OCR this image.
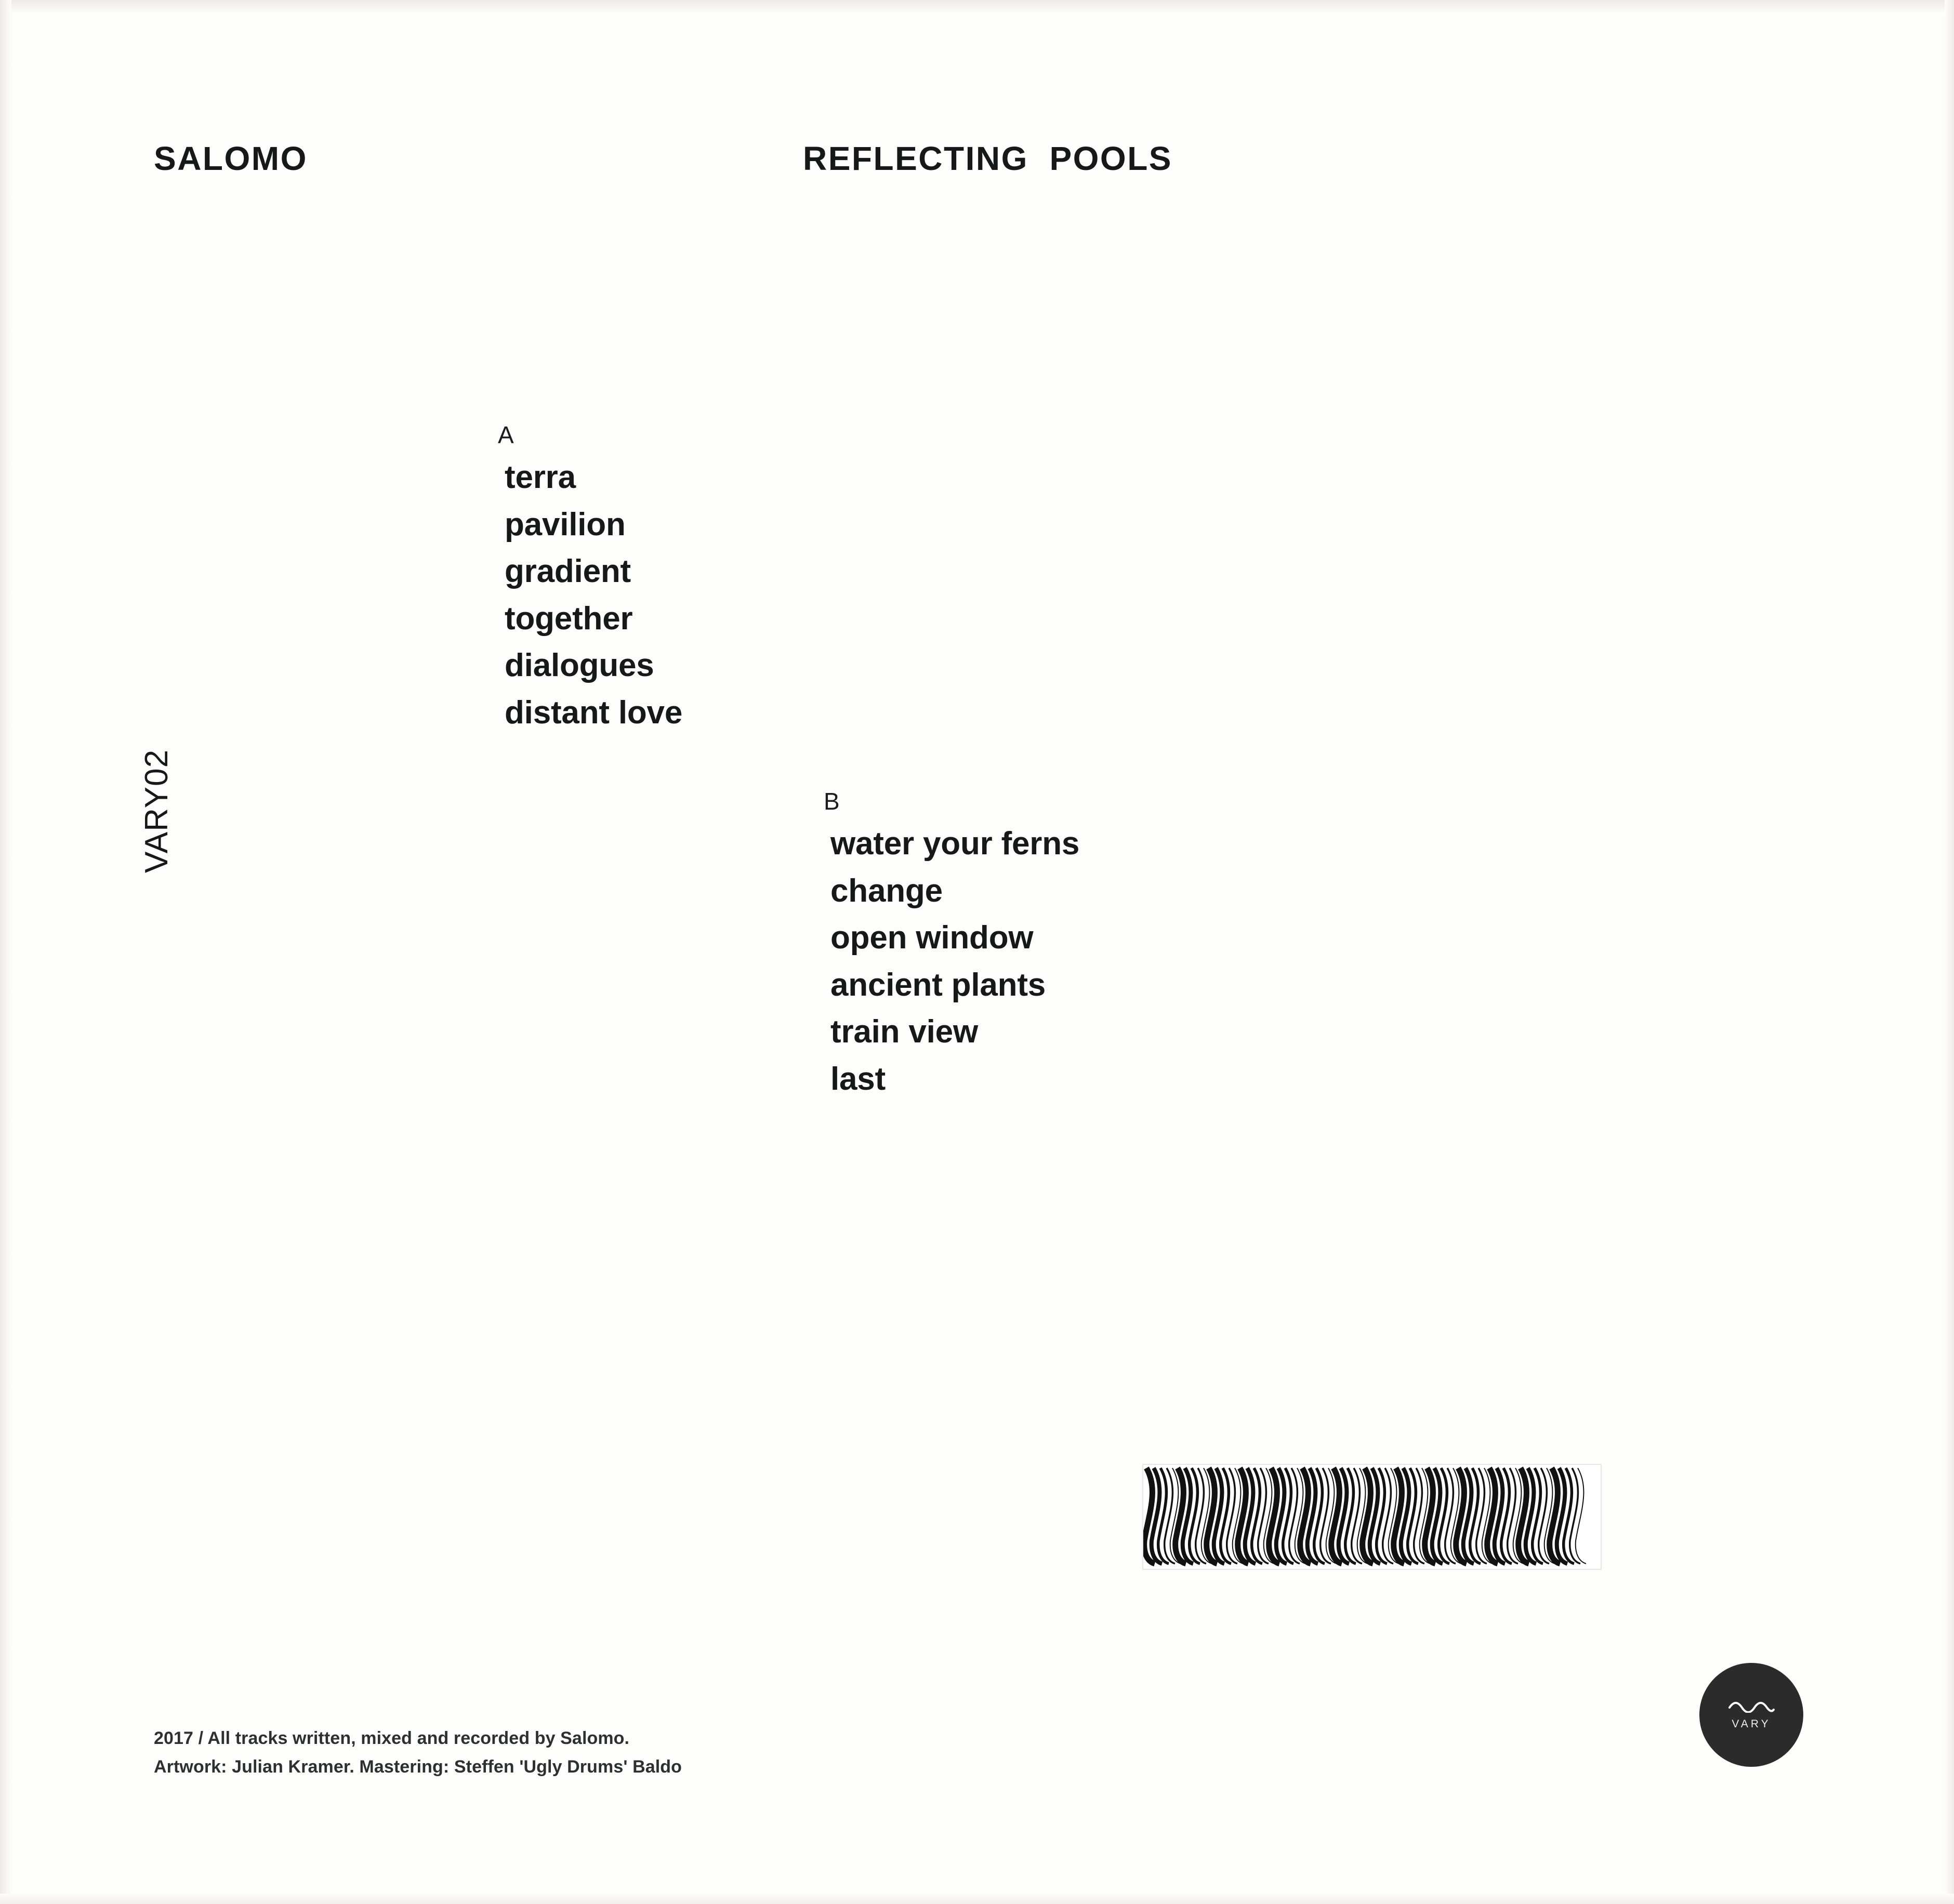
SALOMO	REFLECTING  POOLS
VARY02
A
terra
pavilion
gradient
together
dialogues
distant love
B
water your ferns
change
open window
ancient plants
train view
last
VARY
2017 / All tracks written, mixed and recorded by Salomo.
Artwork: Julian Kramer. Mastering: Steffen 'Ugly Drums' Baldo
